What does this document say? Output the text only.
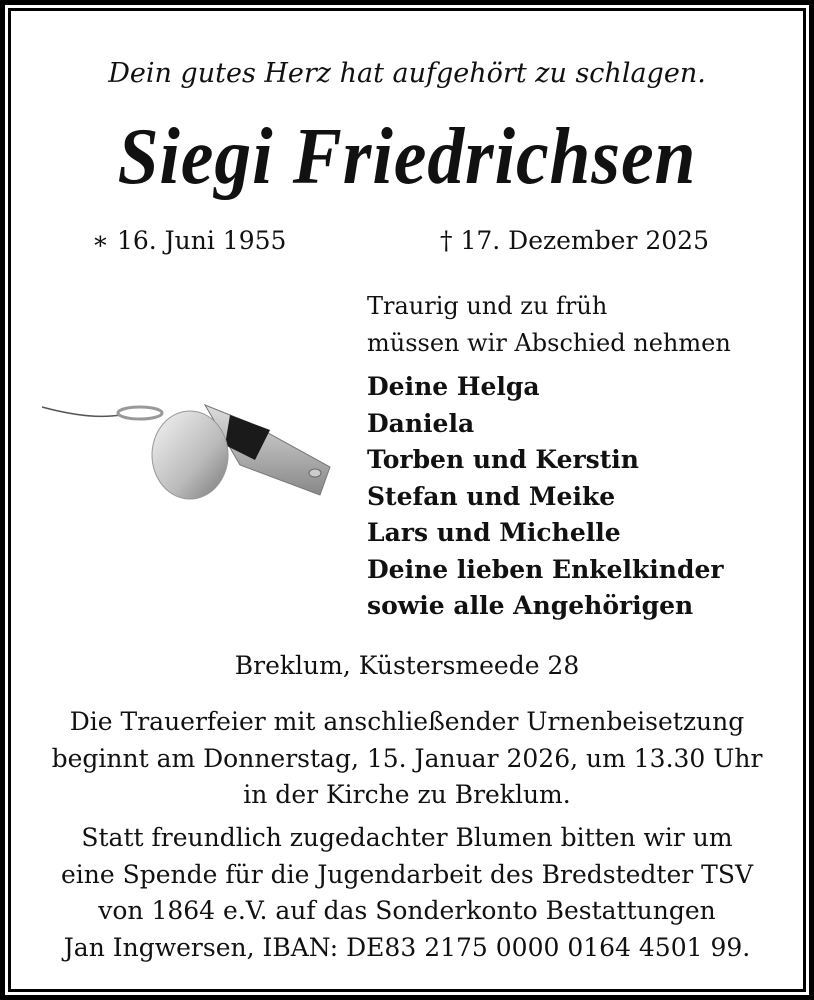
Dein gutes Herz hat aufgehört zu schlagen.
Siegi Friedrichsen
∗ 16. Juni 1955	† 17. Dezember 2025
Traurig und zu früh
müssen wir Abschied nehmen
Deine Helga
Daniela
Torben und Kerstin
Stefan und Meike
Lars und Michelle
Deine lieben Enkelkinder
sowie alle Angehörigen
Breklum, Küstersmeede 28
Die Trauerfeier mit anschließender Urnenbeisetzung
beginnt am Donnerstag, 15. Januar 2026, um 13.30 Uhr
in der Kirche zu Breklum.
Statt freundlich zugedachter Blumen bitten wir um
eine Spende für die Jugendarbeit des Bredstedter TSV
von 1864 e.V. auf das Sonderkonto Bestattungen
Jan Ingwersen, IBAN: DE83 2175 0000 0164 4501 99.
